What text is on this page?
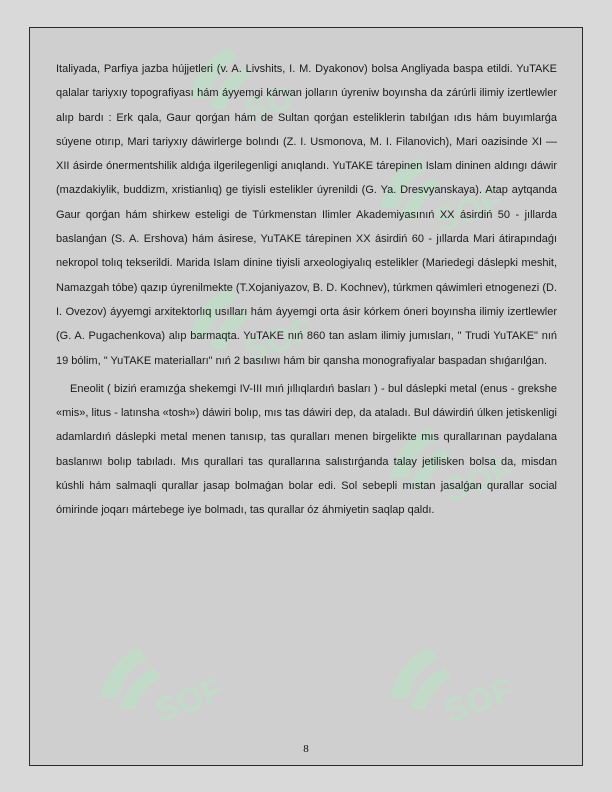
SO
SOF
SOF
SOF
SOF	SOF

Italiyada, Parfiya jazba hújjetleri (v. A. Livshits, I. M. Dyakonov) bolsa Angliyada baspa etildi. YuTAKE qalalar tariyxıy topografiyası hám áyyemgi kárwan jolların úyreniw boyınsha da zárúrli ilimiy izertlewler alıp bardı : Erk qala, Gaur qorǵan hám de Sultan qorǵan esteliklerin tabılǵan ıdıs hám buyımlarǵa súyene otırıp, Mari tariyxıy dáwirlerge bolındı (Z. I. Usmonova, M. I. Filanovich), Mari oazisinde XI — XII ásirde ónermentshilik aldıǵa ilgerilegenligi anıqlandı. YuTAKE tárepinen Islam dininen aldıngı dáwir (mazdakiylik, buddizm, xristianlıq) ge tiyisli estelikler úyrenildi (G. Ya. Dresvyanskaya). Atap aytqanda Gaur qorǵan hám shirkew esteligi de Túrkmenstan Ilimler Akademiyasınıń XX ásirdiń 50 - jıllarda baslanǵan (S. A. Ershova) hám ásirese, YuTAKE tárepinen XX ásirdiń 60 - jıllarda Mari átirapındaǵı nekropol tolıq tekserildi. Marida Islam dinine tiyisli arxeologiyalıq estelikler (Mariedegi dáslepki meshit, Namazgah tóbe) qazıp úyrenilmekte (T.Xojaniyazov, B. D. Kochnev), túrkmen qáwimleri etnogenezi (D. I. Ovezov) áyyemgi arxitektorlıq usılları hám áyyemgi orta ásir kórkem óneri boyınsha ilimiy izertlewler (G. A. Pugachenkova) alıp barmaqta. YuTAKE nıń 860 tan aslam ilimiy jumısları, " Trudi YuTAKE" nıń 19 bólim, " YuTAKE materialları" nıń 2 basılıwı hám bir qansha monografiyalar baspadan shıǵarılǵan.

Eneolit ( biziń eramızǵa shekemgi IV-III mıń jıllıqlardıń basları ) - bul dáslepki metal (enus - grekshe «mis», litus - latınsha «tosh») dáwiri bolıp, mıs tas dáwiri dep, da ataladı. Bul dáwirdiń úlken jetiskenligi adamlardıń dáslepki metal menen tanısıp, tas quralları menen birgelikte mıs qurallarınan paydalana baslanıwı bolıp tabıladı. Mıs qurallari tas qurallarına salıstırǵanda talay jetilisken bolsa da, misdan kúshli hám salmaqli qurallar jasap bolmaǵan bolar edi. Sol sebepli mıstan jasalǵan qurallar social ómirinde joqarı mártebege iye bolmadı, tas qurallar óz áhmiyetin saqlap qaldı.

8
